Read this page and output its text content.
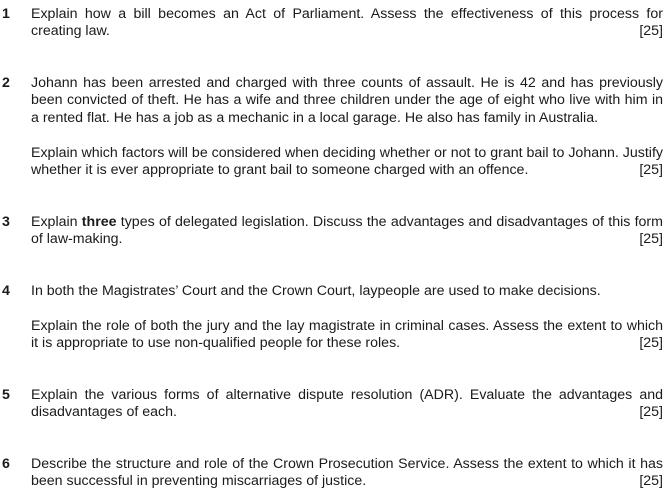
1	Explain how a bill becomes an Act of Parliament. Assess the effectiveness of this process for creating law.	[25]

2	Johann has been arrested and charged with three counts of assault. He is 42 and has previously been convicted of theft. He has a wife and three children under the age of eight who live with him in a rented flat. He has a job as a mechanic in a local garage. He also has family in Australia.

Explain which factors will be considered when deciding whether or not to grant bail to Johann. Justify whether it is ever appropriate to grant bail to someone charged with an offence.	[25]

3	Explain three types of delegated legislation. Discuss the advantages and disadvantages of this form of law-making.	[25]

4	In both the Magistrates’ Court and the Crown Court, laypeople are used to make decisions.

Explain the role of both the jury and the lay magistrate in criminal cases. Assess the extent to which it is appropriate to use non-qualified people for these roles.	[25]

5	Explain the various forms of alternative dispute resolution (ADR). Evaluate the advantages and disadvantages of each.	[25]

6	Describe the structure and role of the Crown Prosecution Service. Assess the extent to which it has been successful in preventing miscarriages of justice.	[25]
